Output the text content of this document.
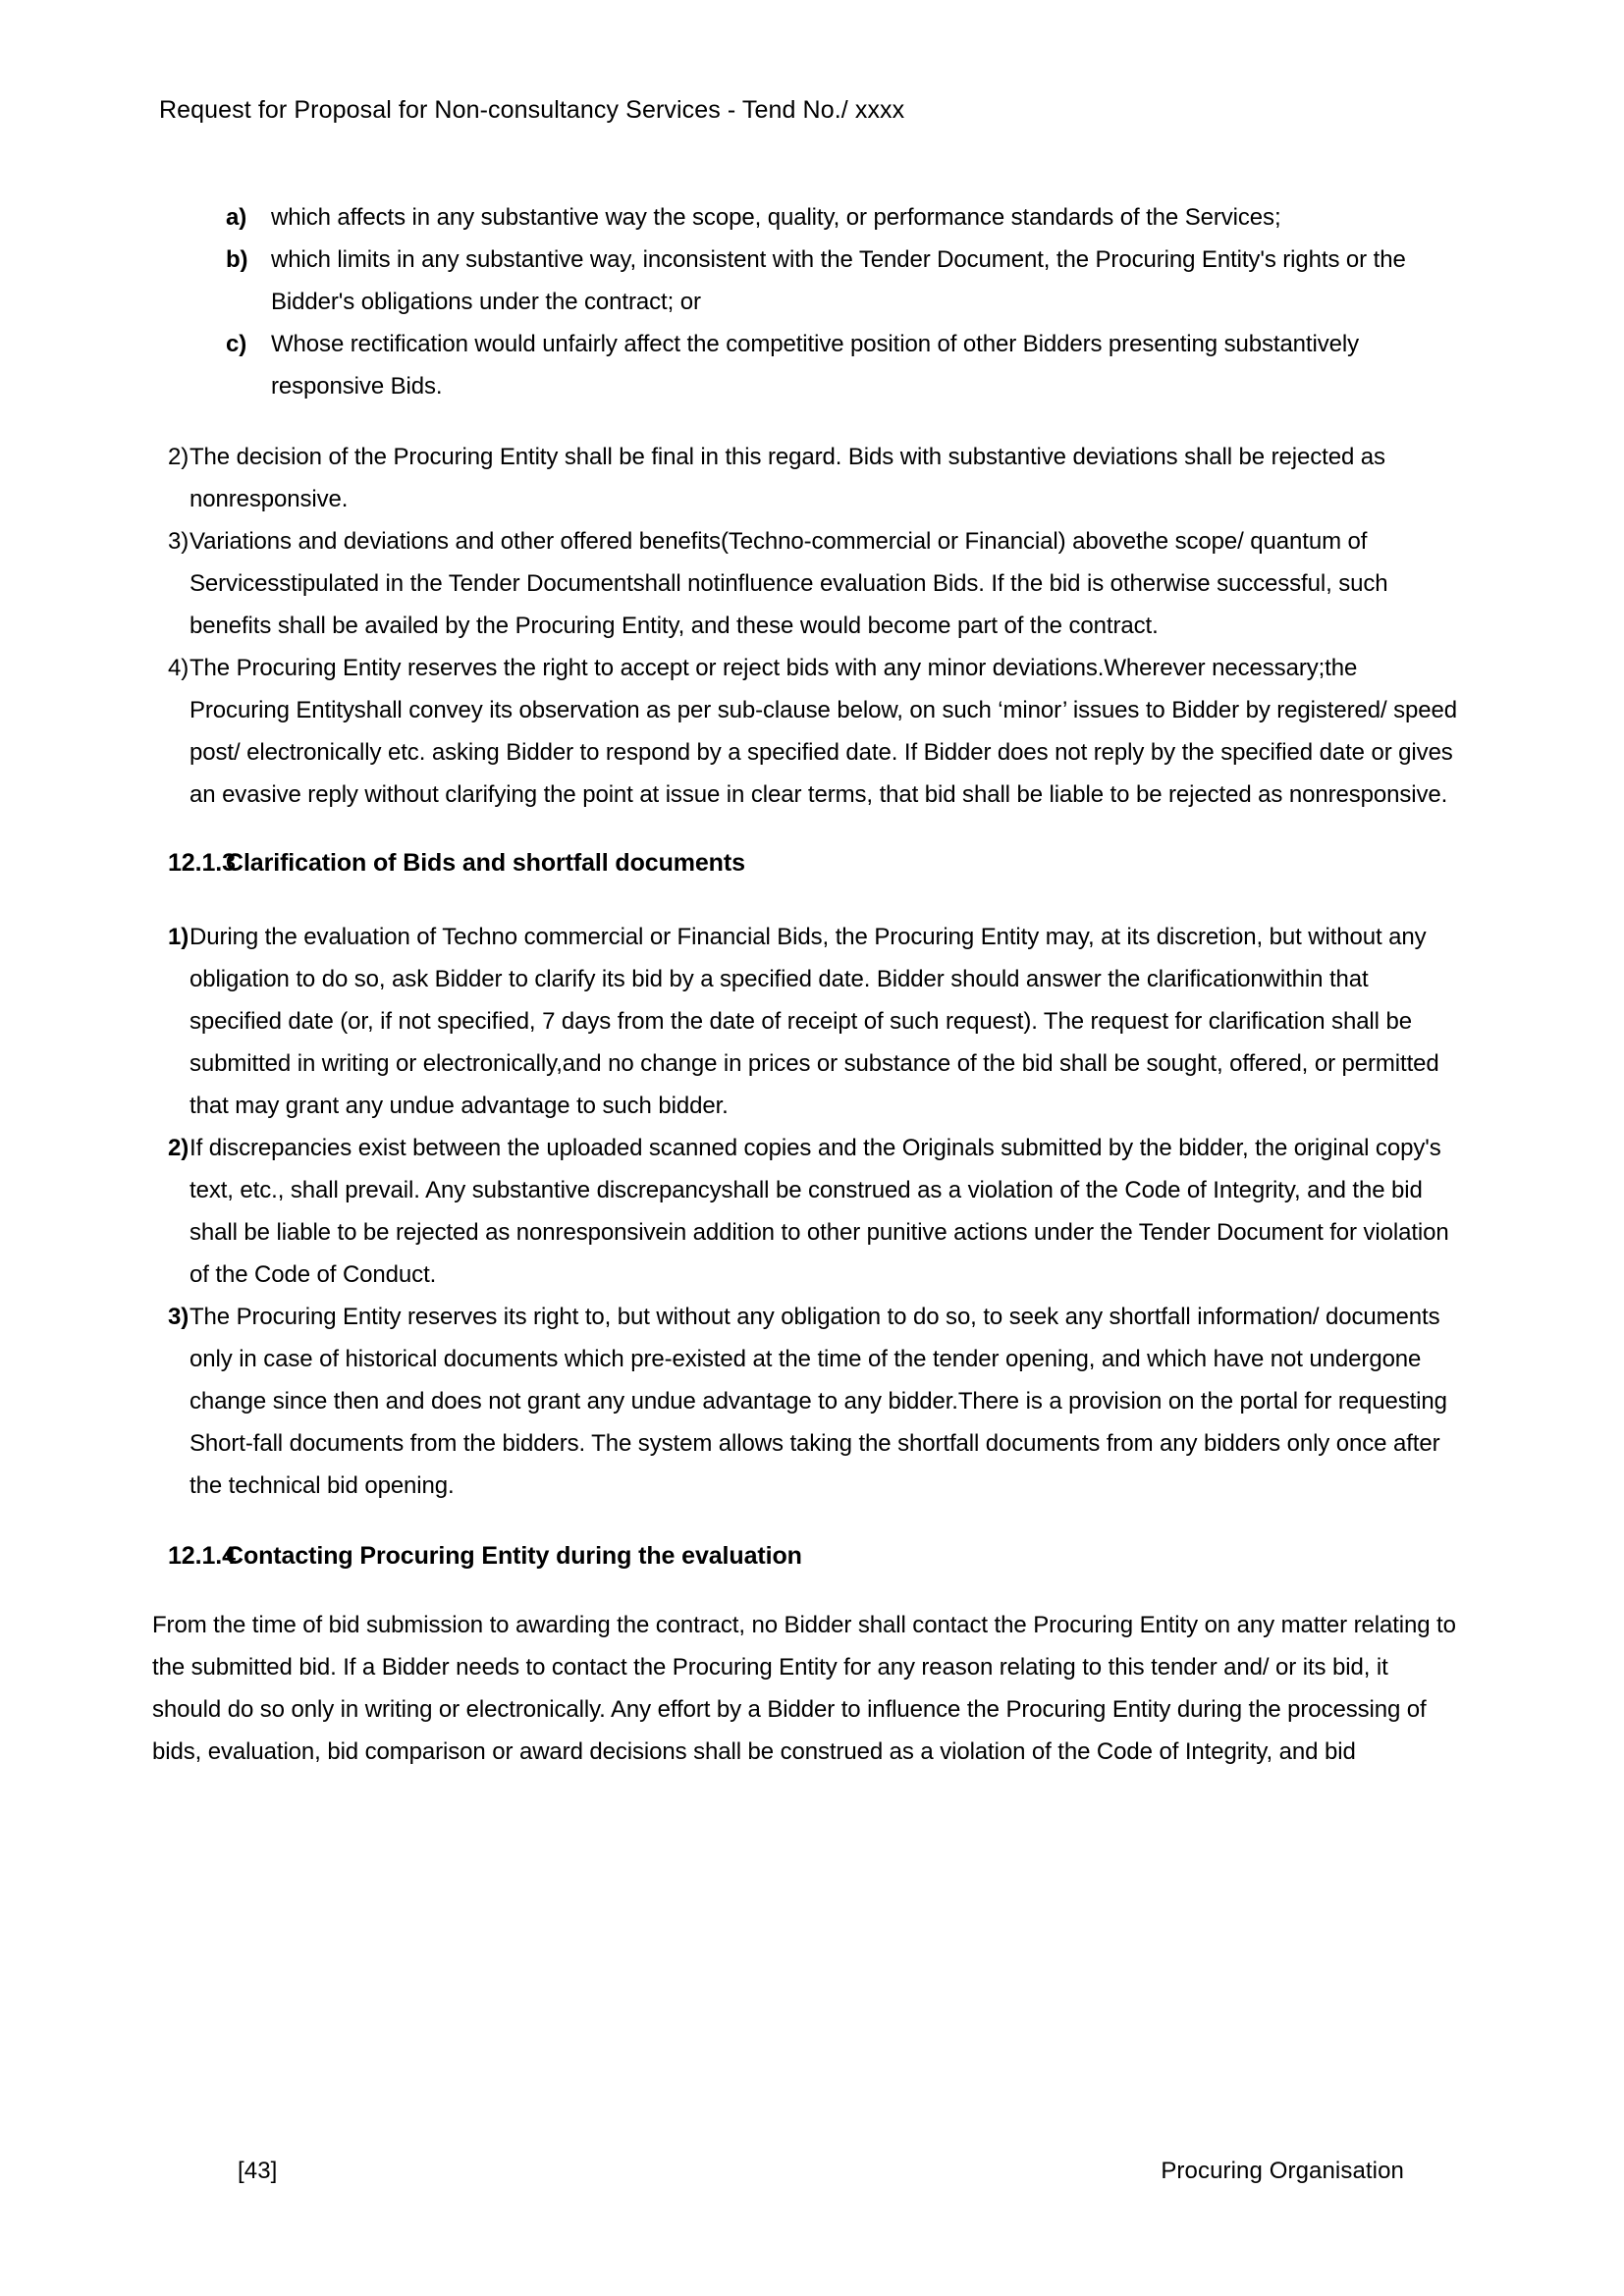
Request for Proposal for Non-consultancy Services - Tend No./ xxxx
a)	which affects in any substantive way the scope, quality, or performance standards of the Services;
b) which limits in any substantive way, inconsistent with the Tender Document, the Procuring Entity's rights or the Bidder's obligations under the contract; or
c)	Whose rectification would unfairly affect the competitive position of other Bidders presenting substantively responsive Bids.
2) The decision of the Procuring Entity shall be final in this regard. Bids with substantive deviations shall be rejected as nonresponsive.
3) Variations and deviations and other offered benefits(Techno-commercial or Financial) abovethe scope/ quantum of Servicesstipulated in the Tender Documentshall notinfluence evaluation Bids. If the bid is otherwise successful, such benefits shall be availed by the Procuring Entity, and these would become part of the contract.
4) The Procuring Entity reserves the right to accept or reject bids with any minor deviations.Wherever necessary;the Procuring Entityshall convey its observation as per sub-clause below, on such ‘minor’ issues to Bidder by registered/ speed post/ electronically etc. asking Bidder to respond by a specified date. If Bidder does not reply by the specified date or gives an evasive reply without clarifying the point at issue in clear terms, that bid shall be liable to be rejected as nonresponsive.
12.1.3
Clarification of Bids and shortfall documents
1) During the evaluation of Techno commercial or Financial Bids, the Procuring Entity may, at its discretion, but without any obligation to do so, ask Bidder to clarify its bid by a specified date. Bidder should answer the clarificationwithin that specified date (or, if not specified, 7 days from the date of receipt of such request). The request for clarification shall be submitted in writing or electronically,and no change in prices or substance of the bid shall be sought, offered, or permitted that may grant any undue advantage to such bidder.
2) If discrepancies exist between the uploaded scanned copies and the Originals submitted by the bidder, the original copy's text, etc., shall prevail. Any substantive discrepancyshall be construed as a violation of the Code of Integrity, and the bid shall be liable to be rejected as nonresponsivein addition to other punitive actions under the Tender Document for violation of the Code of Conduct.
3) The Procuring Entity reserves its right to, but without any obligation to do so, to seek any shortfall information/ documents only in case of historical documents which pre-existed at the time of the tender opening, and which have not undergone change since then and does not grant any undue advantage to any bidder.There is a provision on the portal for requesting Short-fall documents from the bidders. The system allows taking the shortfall documents from any bidders only once after the technical bid opening.
12.1.4
Contacting Procuring Entity during the evaluation
From the time of bid submission to awarding the contract, no Bidder shall contact the Procuring Entity on any matter relating to the submitted bid. If a Bidder needs to contact the Procuring Entity for any reason relating to this tender and/ or its bid, it should do so only in writing or electronically. Any effort by a Bidder to influence the Procuring Entity during the processing of bids, evaluation, bid comparison or award decisions shall be construed as a violation of the Code of Integrity, and bid
[43]	Procuring Organisation
